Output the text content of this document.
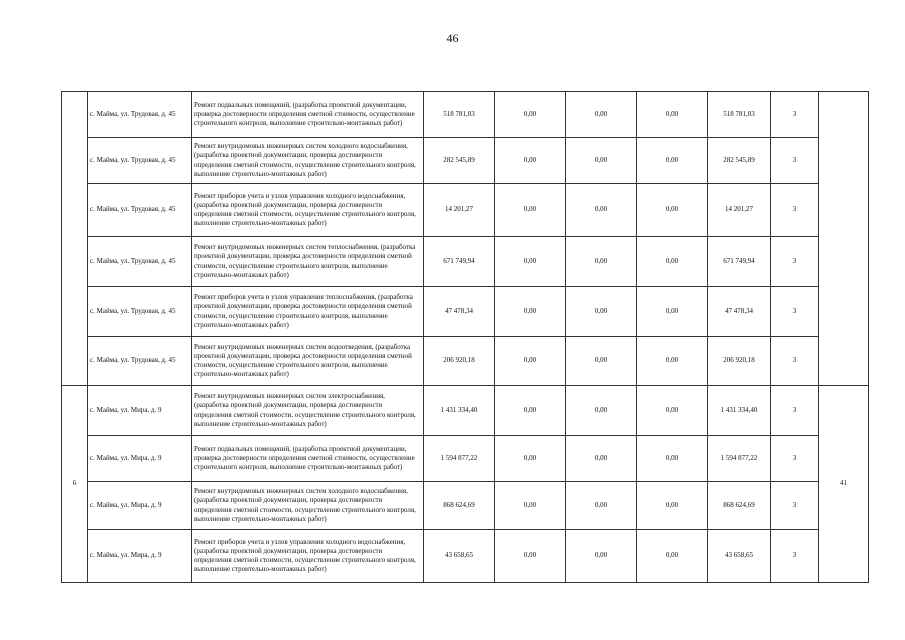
46
	с. Майма, ул. Трудовая, д. 45	Ремонт подвальных помещений, (разработка проектной документации, проверка достоверности определения сметной стоимости, осуществление строительного контроля, выполнение строительно-монтажных работ)	518 781,03	0,00	0,00	0,00	518 781,03	3	
	с. Майма, ул. Трудовая, д. 45	Ремонт внутридомовых инженерных систем холодного водоснабжения, (разработка проектной документации, проверка достоверности определения сметной стоимости, осуществление строительного контроля, выполнение строительно-монтажных работ)	282 545,89	0,00	0,00	0,00	282 545,89	3	
	с. Майма, ул. Трудовая, д. 45	Ремонт приборов учета и узлов управления холодного водоснабжения, (разработка проектной документации, проверка достоверности определения сметной стоимости, осуществление строительного контроля, выполнение строительно-монтажных работ)	14 201,27	0,00	0,00	0,00	14 201,27	3	
	с. Майма, ул. Трудовая, д. 45	Ремонт внутридомовых инженерных систем теплоснабжения, (разработка проектной документации, проверка достоверности определения сметной стоимости, осуществление строительного контроля, выполнение строительно-монтажных работ)	671 749,94	0,00	0,00	0,00	671 749,94	3	
	с. Майма, ул. Трудовая, д. 45	Ремонт приборов учета и узлов управления теплоснабжения, (разработка проектной документации, проверка достоверности определения сметной стоимости, осуществление строительного контроля, выполнение строительно-монтажных работ)	47 478,34	0,00	0,00	0,00	47 478,34	3	
	с. Майма, ул. Трудовая, д. 45	Ремонт внутридомовых инженерных систем водоотведения, (разработка проектной документации, проверка достоверности определения сметной стоимости, осуществление строительного контроля, выполнение строительно-монтажных работ)	206 920,18	0,00	0,00	0,00	206 920,18	3	
6	с. Майма, ул. Мира, д. 9	Ремонт внутридомовых инженерных систем электроснабжения, (разработка проектной документации, проверка достоверности определения сметной стоимости, осуществление строительного контроля, выполнение строительно-монтажных работ)	1 431 334,40	0,00	0,00	0,00	1 431 334,40	3	41
	с. Майма, ул. Мира, д. 9	Ремонт подвальных помещений, (разработка проектной документации, проверка достоверности определения сметной стоимости, осуществление строительного контроля, выполнение строительно-монтажных работ)	1 594 877,22	0,00	0,00	0,00	1 594 877,22	3	
	с. Майма, ул. Мира, д. 9	Ремонт внутридомовых инженерных систем холодного водоснабжения, (разработка проектной документации, проверка достоверности определения сметной стоимости, осуществление строительного контроля, выполнение строительно-монтажных работ)	868 624,69	0,00	0,00	0,00	868 624,69	3	
	с. Майма, ул. Мира, д. 9	Ремонт приборов учета и узлов управления холодного водоснабжения, (разработка проектной документации, проверка достоверности определения сметной стоимости, осуществление строительного контроля, выполнение строительно-монтажных работ)	43 658,65	0,00	0,00	0,00	43 658,65	3	
